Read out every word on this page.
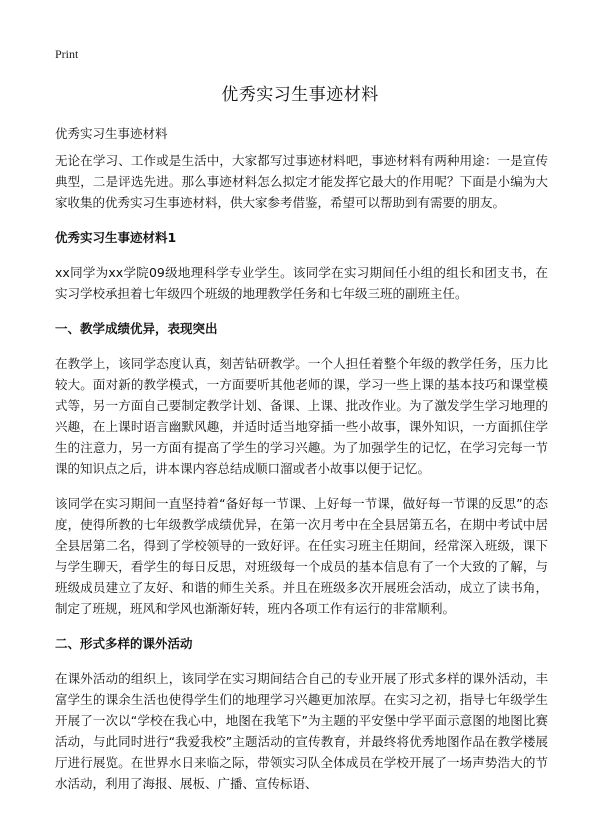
Print
优秀实习生事迹材料
优秀实习生事迹材料

无论在学习、工作或是生活中，大家都写过事迹材料吧，事迹材料有两种用途：一是宣传典型，二是评选先进。那么事迹材料怎么拟定才能发挥它最大的作用呢？下面是小编为大家收集的优秀实习生事迹材料，供大家参考借鉴，希望可以帮助到有需要的朋友。

优秀实习生事迹材料1

xx同学为xx学院09级地理科学专业学生。该同学在实习期间任小组的组长和团支书，在实习学校承担着七年级四个班级的地理教学任务和七年级三班的副班主任。

一、教学成绩优异，表现突出

在教学上，该同学态度认真，刻苦钻研教学。一个人担任着整个年级的教学任务，压力比较大。面对新的教学模式，一方面要听其他老师的课，学习一些上课的基本技巧和课堂模式等，另一方面自己要制定教学计划、备课、上课、批改作业。为了激发学生学习地理的兴趣，在上课时语言幽默风趣，并适时适当地穿插一些小故事，课外知识，一方面抓住学生的注意力，另一方面有提高了学生的学习兴趣。为了加强学生的记忆，在学习完每一节课的知识点之后，讲本课内容总结成顺口溜或者小故事以便于记忆。

该同学在实习期间一直坚持着“备好每一节课、上好每一节课，做好每一节课的反思”的态度，使得所教的七年级教学成绩优异，在第一次月考中在全县居第五名，在期中考试中居全县居第二名，得到了学校领导的一致好评。在任实习班主任期间，经常深入班级，课下与学生聊天，看学生的每日反思，对班级每一个成员的基本信息有了一个大致的了解，与班级成员建立了友好、和谐的师生关系。并且在班级多次开展班会活动，成立了读书角，制定了班规，班风和学风也渐渐好转，班内各项工作有运行的非常顺利。

二、形式多样的课外活动

在课外活动的组织上，该同学在实习期间结合自己的专业开展了形式多样的课外活动，丰富学生的课余生活也使得学生们的地理学习兴趣更加浓厚。在实习之初，指导七年级学生开展了一次以“学校在我心中，地图在我笔下”为主题的平安堡中学平面示意图的地图比赛活动，与此同时进行“我爱我校”主题活动的宣传教育，并最终将优秀地图作品在教学楼展厅进行展览。在世界水日来临之际，带领实习队全体成员在学校开展了一场声势浩大的节水活动，利用了海报、展板、广播、宣传标语、
